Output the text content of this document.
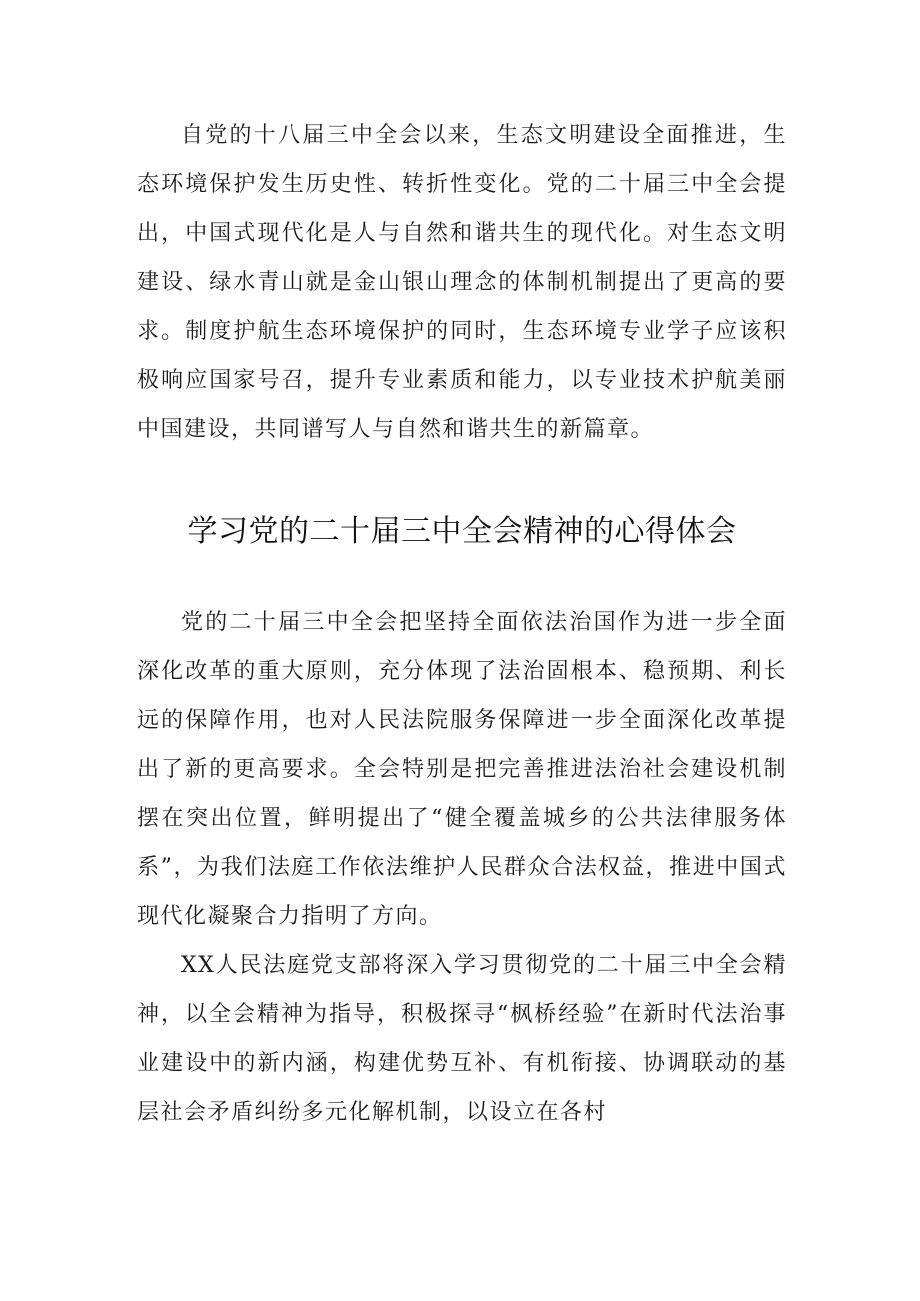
自党的十八届三中全会以来，生态文明建设全面推进，生态环境保护发生历史性、转折性变化。党的二十届三中全会提出，中国式现代化是人与自然和谐共生的现代化。对生态文明建设、绿水青山就是金山银山理念的体制机制提出了更高的要求。制度护航生态环境保护的同时，生态环境专业学子应该积极响应国家号召，提升专业素质和能力，以专业技术护航美丽中国建设，共同谱写人与自然和谐共生的新篇章。

学习党的二十届三中全会精神的心得体会

党的二十届三中全会把坚持全面依法治国作为进一步全面深化改革的重大原则，充分体现了法治固根本、稳预期、利长远的保障作用，也对人民法院服务保障进一步全面深化改革提出了新的更高要求。全会特别是把完善推进法治社会建设机制摆在突出位置，鲜明提出了“健全覆盖城乡的公共法律服务体系”，为我们法庭工作依法维护人民群众合法权益，推进中国式现代化凝聚合力指明了方向。

XX人民法庭党支部将深入学习贯彻党的二十届三中全会精神，以全会精神为指导，积极探寻“枫桥经验”在新时代法治事业建设中的新内涵，构建优势互补、有机衔接、协调联动的基层社会矛盾纠纷多元化解机制，以设立在各村
